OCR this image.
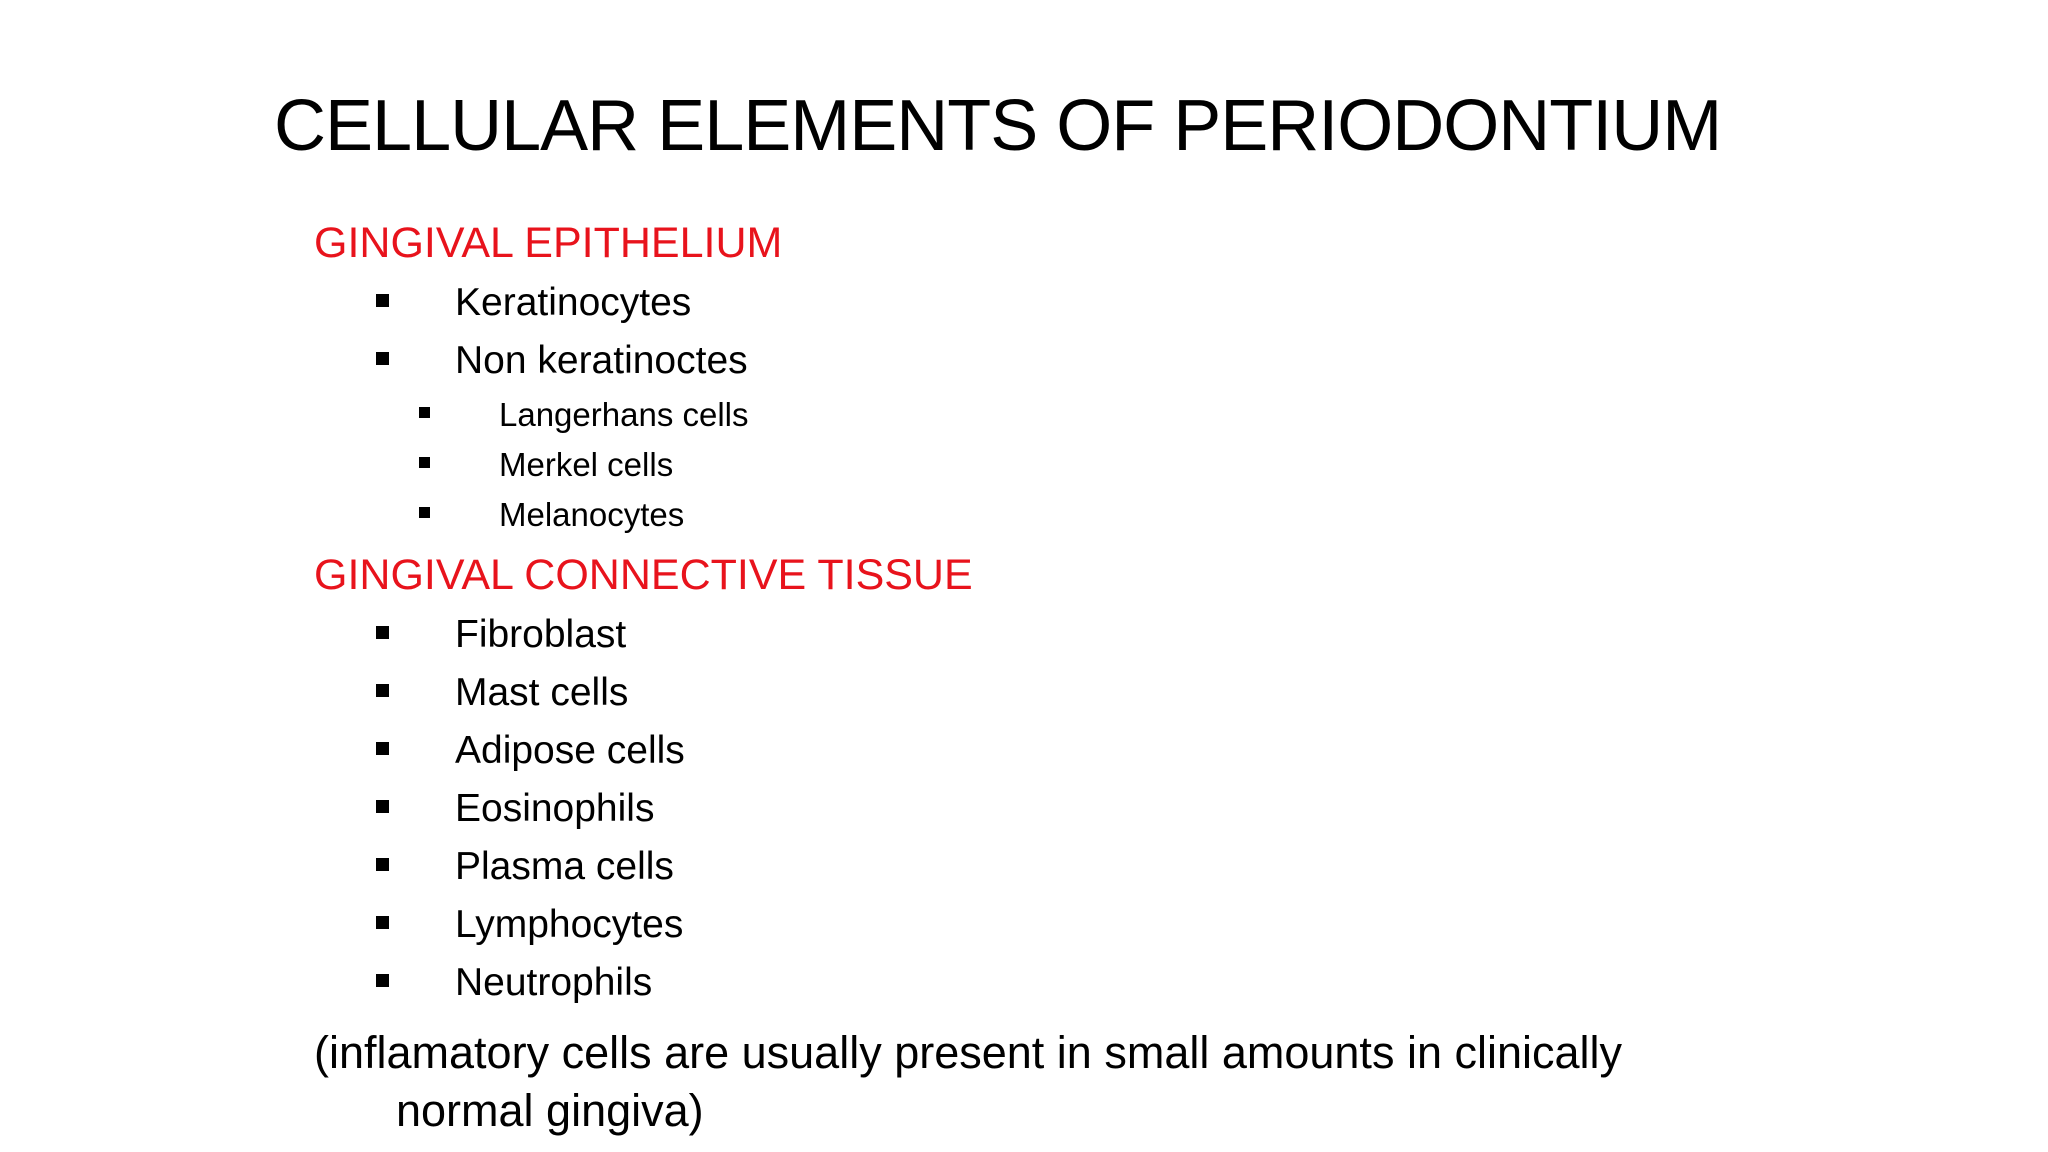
CELLULAR ELEMENTS OF PERIODONTIUM

GINGIVAL EPITHELIUM

Keratinocytes
Non keratinoctes
Langerhans cells
Merkel cells
Melanocytes

GINGIVAL CONNECTIVE TISSUE

Fibroblast
Mast cells
Adipose cells
Eosinophils
Plasma cells
Lymphocytes
Neutrophils

(inflamatory cells are usually present in small amounts in clinically normal gingiva)
